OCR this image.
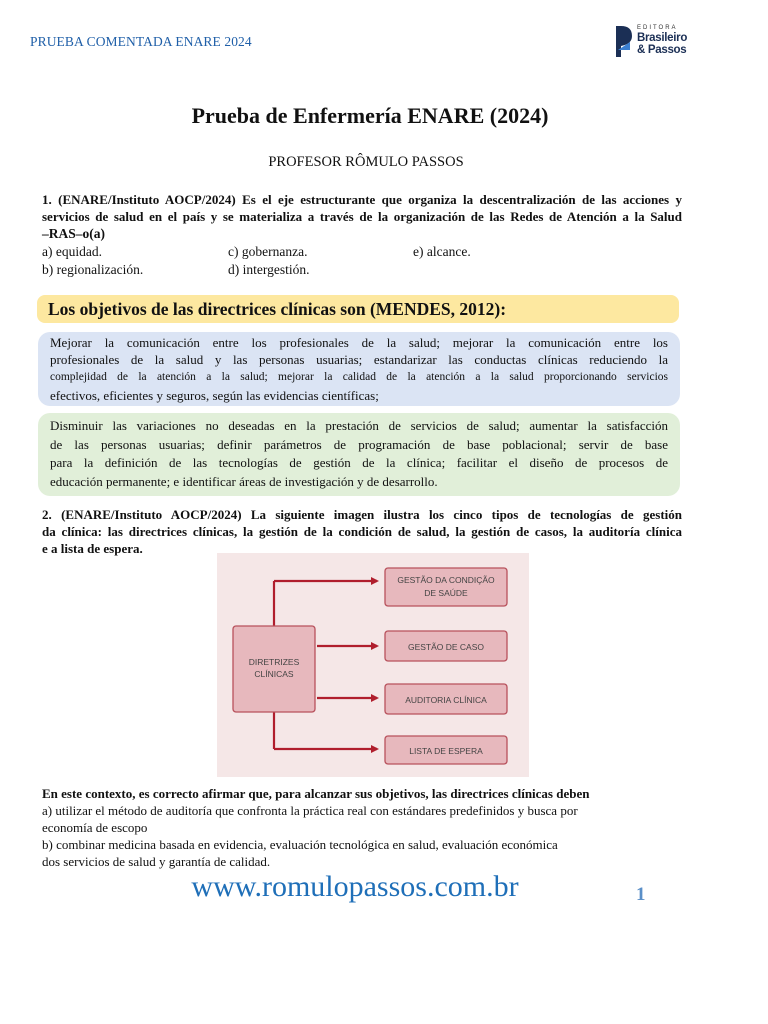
PRUEBA COMENTADA ENARE 2024
EDITORA
Brasileiro
& Passos
Prueba de Enfermería ENARE (2024)
PROFESOR RÔMULO PASSOS
1. (ENARE/Instituto AOCP/2024) Es el eje estructurante que organiza la descentralización de las acciones y
servicios de salud en el país y se materializa a través de la organización de las Redes de Atención a la Salud
–RAS–o(a)
a) equidad.
b) regionalización.
c) gobernanza.
d) intergestión.
e) alcance.
Los objetivos de las directrices clínicas son (MENDES, 2012):
Mejorar la comunicación entre los profesionales de la salud; mejorar la comunicación entre los
profesionales de la salud y las personas usuarias; estandarizar las conductas clínicas reduciendo la
complejidad de la atención a la salud; mejorar la calidad de la atención a la salud proporcionando servicios
efectivos, eficientes y seguros, según las evidencias científicas;
Disminuir las variaciones no deseadas en la prestación de servicios de salud; aumentar la satisfacción
de las personas usuarias; definir parámetros de programación de base poblacional; servir de base
para la definición de las tecnologías de gestión de la clínica; facilitar el diseño de procesos de
educación permanente; e identificar áreas de investigación y de desarrollo.
2. (ENARE/Instituto AOCP/2024) La siguiente imagen ilustra los cinco tipos de tecnologías de gestión
da clínica: las directrices clínicas, la gestión de la condición de salud, la gestión de casos, la auditoría clínica
e a lista de espera.
DIRETRIZES
CLÍNICAS
GESTÃO DA CONDIÇÃO
DE SAÚDE
GESTÃO DE CASO
AUDITORIA CLÍNICA
LISTA DE ESPERA
En este contexto, es correcto afirmar que, para alcanzar sus objetivos, las directrices clínicas deben
a) utilizar el método de auditoría que confronta la práctica real con estándares predefinidos y busca por
economía de escopo
b) combinar medicina basada en evidencia, evaluación tecnológica en salud, evaluación económica
dos servicios de salud y garantía de calidad.
www.romulopassos.com.br	1
